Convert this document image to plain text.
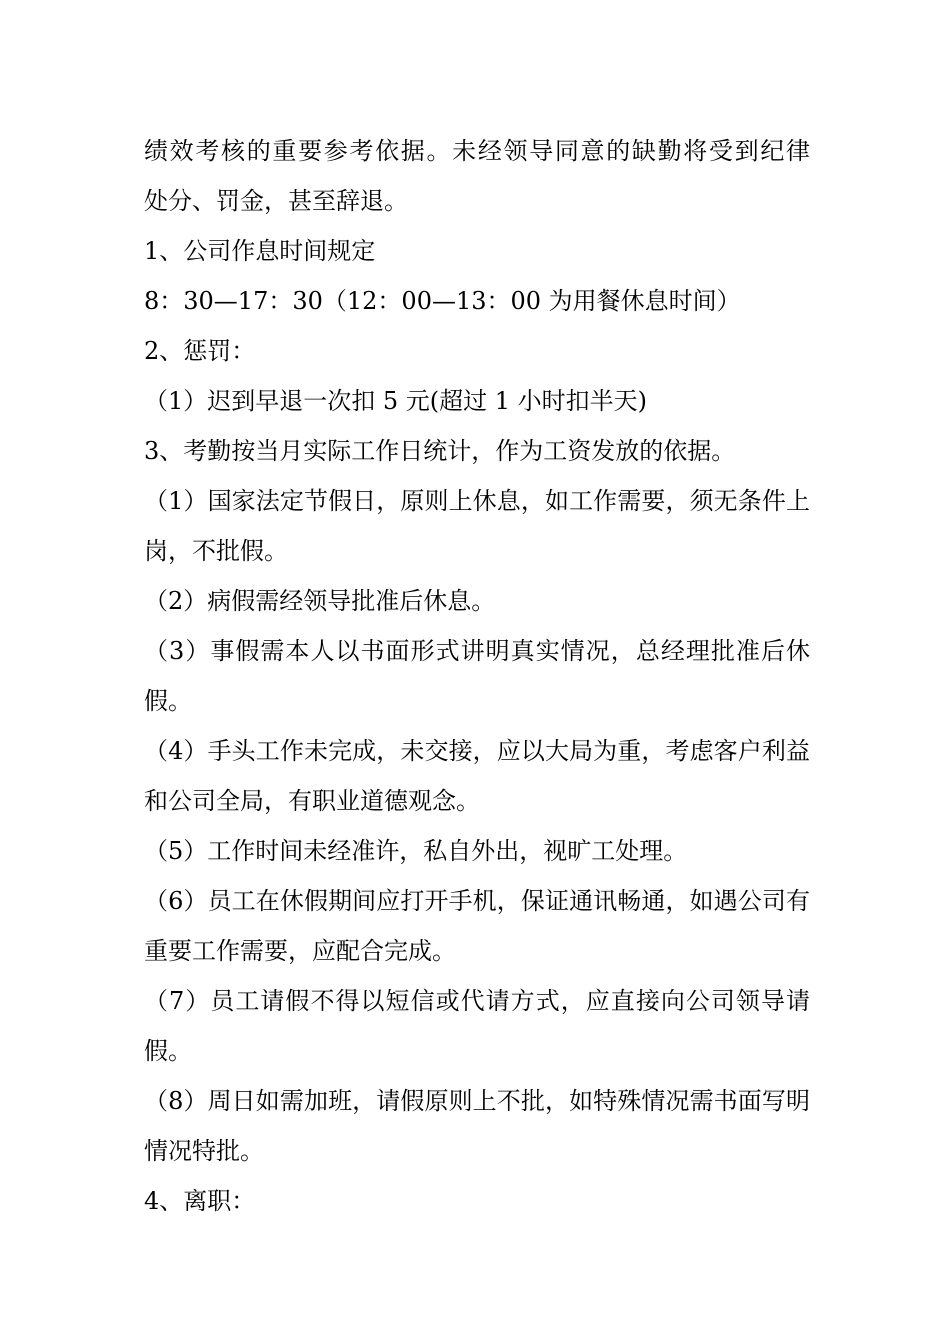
绩效考核的重要参考依据。未经领导同意的缺勤将受到纪律
处分、罚金，甚至辞退。
1、公司作息时间规定
8：30—17：30（12：00—13：00 为用餐休息时间）
2、惩罚：
（1）迟到早退一次扣 5 元(超过 1 小时扣半天)
3、考勤按当月实际工作日统计，作为工资发放的依据。
（1）国家法定节假日，原则上休息，如工作需要，须无条件上
岗，不批假。
（2）病假需经领导批准后休息。
（3）事假需本人以书面形式讲明真实情况，总经理批准后休
假。
（4）手头工作未完成，未交接，应以大局为重，考虑客户利益
和公司全局，有职业道德观念。
（5）工作时间未经准许，私自外出，视旷工处理。
（6）员工在休假期间应打开手机，保证通讯畅通，如遇公司有
重要工作需要，应配合完成。
（7）员工请假不得以短信或代请方式，应直接向公司领导请
假。
（8）周日如需加班，请假原则上不批，如特殊情况需书面写明
情况特批。
4、离职：
